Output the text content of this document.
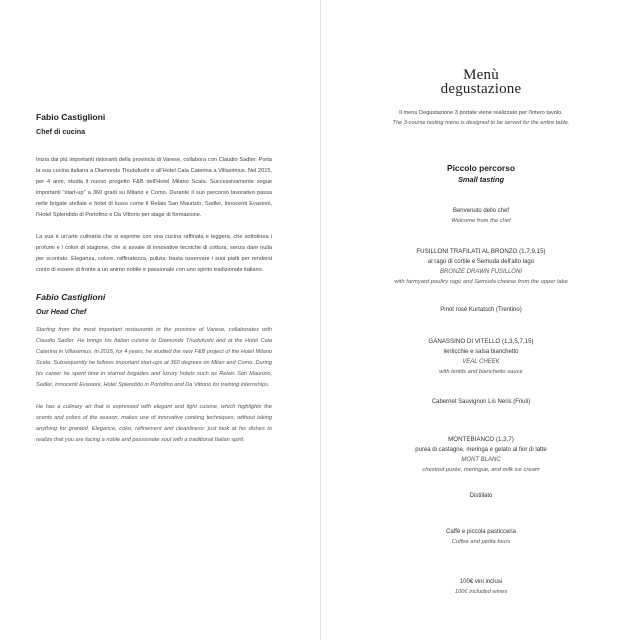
Fabio Castiglioni
Chef di cucina

Inizia dai più importanti ristoranti della provincia di Varese, collabora con Claudio Sadler. Porta la sua cucina italiana a Diamonds Thudufushi e all'Hotel Cala Caterina a Villasimius. Nel 2015, per 4 anni, studia il nuovo progetto F&B dell'Hotel Milano Scala. Successivamente segue importanti "start-up" a 360 gradi su Milano e Como. Durante il suo percorso lavorativo passa nelle brigate stellate e hotel di lusso come il Relais San Maurizio, Sadler, Innocenti Evasioni, l'Hotel Splendido di Portofino e Da Vittorio per stage di formazione.

La sua è un'arte culinaria che si esprime con una cucina raffinata e leggera, che sottolinea i profumi e i colori di stagione, che si avvale di innovative tecniche di cottura, senza dare nulla per scontato. Eleganza, colore, raffinatezza, pulizia: basta osservare i suoi piatti per rendersi conto di essere di fronte a un animo nobile e passionale con uno spirito tradizionale italiano.

Fabio Castiglioni
Our Head Chef

Starting from the most important restaurants in the province of Varese, collaborates with Claudio Sadler. He brings his Italian cuisine to Diamonds Thudufushi and at the Hotel Cala Caterina in Villasimius. In 2015, for 4 years, he studied the new F&B project of the Hotel Milano Scala. Subsequently he follows important start-ups at 360 degrees on Milan and Como. During his career he spent time in starred brigades and luxury hotels such as Relais San Maurizio, Sadler, Innocenti Evasioni, Hotel Splendido in Portofino and Da Vittorio for training internships.

He has a culinary art that is expressed with elegant and light cuisine, which highlights the scents and colors of the season, makes use of innovative cooking techniques, without taking anything for granted. Elegance, color, refinement and cleanliness: just look at his dishes to realize that you are facing a noble and passionate soul with a traditional Italian spirit.

Menù
degustazione
Il menu Degustazione 3 portate viene realizzato per l'intero tavolo.
The 3-course tasting menu is designed to be served for the entire table.
Piccolo percorso
Small tasting
Benvenuto dello chef
Welcome from the chef
FUSILLONI TRAFILATI AL BRONZO (1,7,9,15)
al ragù di cortile e Semuda dell'alto lago
BRONZE DRAWN FUSILLONI
with farmyard poultry ragù and Semuda cheese from the upper lake
Pinot rosé Kurtatsch (Trentino)
GANASSINO DI VITELLO (1,3,5,7,15)
lenticchie e salsa bianchetto
VEAL CHEEK
with lentils and bianchetto sauce
Cabernet Sauvignon Lis Neris (Friuli)
MONTEBIANCO (1,3,7)
purea di castagne, meringa e gelato al fior di latte
MONT BLANC
chestnut purée, meringue, and milk ice cream
Distillato
Caffè e piccola pasticceria
Coffee and petite fours
100€ vini inclusi
100€ included wines
